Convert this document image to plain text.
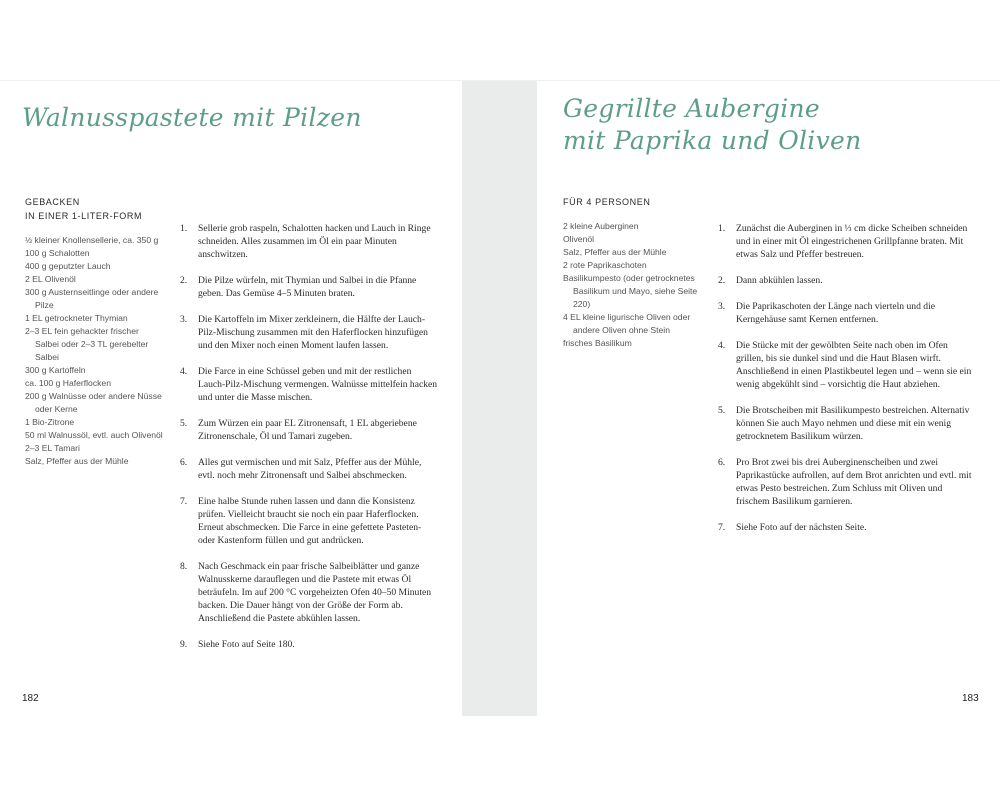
Walnusspastete mit Pilzen
GEBACKEN
IN EINER 1-LITER-FORM
½ kleiner Knollensellerie, ca. 350 g
100 g Schalotten
400 g geputzter Lauch
2 EL Olivenöl
300 g Austernseitlinge oder andere Pilze
1 EL getrockneter Thymian
2–3 EL fein gehackter frischer Salbei oder 2–3 TL gerebelter Salbei
300 g Kartoffeln
ca. 100 g Haferflocken
200 g Walnüsse oder andere Nüsse oder Kerne
1 Bio-Zitrone
50 ml Walnussöl, evtl. auch Olivenöl
2–3 EL Tamari
Salz, Pfeffer aus der Mühle
1. Sellerie grob raspeln, Schalotten hacken und Lauch in Ringe schneiden. Alles zusammen im Öl ein paar Minuten anschwitzen.
2. Die Pilze würfeln, mit Thymian und Salbei in die Pfanne geben. Das Gemüse 4–5 Minuten braten.
3. Die Kartoffeln im Mixer zerkleinern, die Hälfte der Lauch-Pilz-Mischung zusammen mit den Haferflocken hinzufügen und den Mixer noch einen Moment laufen lassen.
4. Die Farce in eine Schüssel geben und mit der restlichen Lauch-Pilz-Mischung vermengen. Walnüsse mittelfein hacken und unter die Masse mischen.
5. Zum Würzen ein paar EL Zitronensaft, 1 EL abgeriebene Zitronenschale, Öl und Tamari zugeben.
6. Alles gut vermischen und mit Salz, Pfeffer aus der Mühle, evtl. noch mehr Zitronensaft und Salbei abschmecken.
7. Eine halbe Stunde ruhen lassen und dann die Konsistenz prüfen. Vielleicht braucht sie noch ein paar Haferflocken. Erneut abschmecken. Die Farce in eine gefettete Pasteten- oder Kastenform füllen und gut andrücken.
8. Nach Geschmack ein paar frische Salbeiblätter und ganze Walnusskerne darauflegen und die Pastete mit etwas Öl beträufeln. Im auf 200 °C vorgeheizten Ofen 40–50 Minuten backen. Die Dauer hängt von der Größe der Form ab. Anschließend die Pastete abkühlen lassen.
9. Siehe Foto auf Seite 180.

182

Gegrillte Aubergine
mit Paprika und Oliven
FÜR 4 PERSONEN
2 kleine Auberginen
Olivenöl
Salz, Pfeffer aus der Mühle
2 rote Paprikaschoten
Basilikumpesto (oder getrocknetes Basilikum und Mayo, siehe Seite 220)
4 EL kleine ligurische Oliven oder andere Oliven ohne Stein
frisches Basilikum
1. Zunächst die Auberginen in ⅓ cm dicke Scheiben schneiden und in einer mit Öl eingestrichenen Grillpfanne braten. Mit etwas Salz und Pfeffer bestreuen.
2. Dann abkühlen lassen.
3. Die Paprikaschoten der Länge nach vierteln und die Kerngehäuse samt Kernen entfernen.
4. Die Stücke mit der gewölbten Seite nach oben im Ofen grillen, bis sie dunkel sind und die Haut Blasen wirft. Anschließend in einen Plastikbeutel legen und – wenn sie ein wenig abgekühlt sind – vorsichtig die Haut abziehen.
5. Die Brotscheiben mit Basilikumpesto bestreichen. Alternativ können Sie auch Mayo nehmen und diese mit ein wenig getrocknetem Basilikum würzen.
6. Pro Brot zwei bis drei Auberginenscheiben und zwei Paprikastücke aufrollen, auf dem Brot anrichten und evtl. mit etwas Pesto bestreichen. Zum Schluss mit Oliven und frischem Basilikum garnieren.
7. Siehe Foto auf der nächsten Seite.

183
